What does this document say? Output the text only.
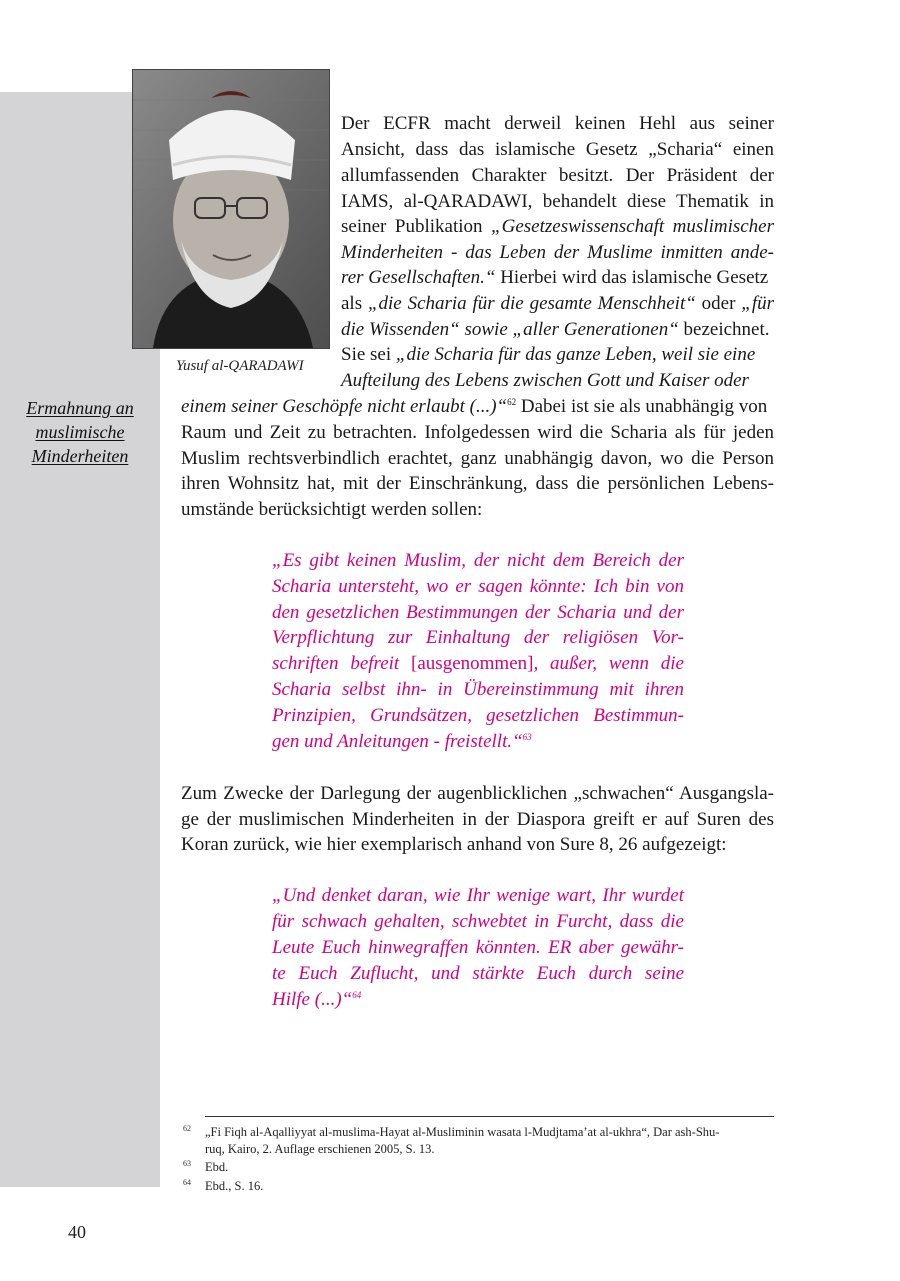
Yusuf al-QARADAWI
Ermahnung an
muslimische
Minderheiten
Der ECFR macht derweil keinen Hehl aus seiner
Ansicht, dass das islamische Gesetz „Scharia“ einen
allumfassenden Charakter besitzt. Der Präsident der
IAMS, al-QARADAWI, behandelt diese Thematik in
seiner Publikation „Gesetzeswissenschaft muslimischer
Minderheiten - das Leben der Muslime inmitten ande-
rer Gesellschaften.“ Hierbei wird das islamische Gesetz
als „die Scharia für die gesamte Menschheit“ oder „für
die Wissenden“ sowie „aller Generationen“ bezeichnet.
Sie sei „die Scharia für das ganze Leben, weil sie eine
Aufteilung des Lebens zwischen Gott und Kaiser oder
einem seiner Geschöpfe nicht erlaubt (...)“$^{62}$ Dabei ist sie als unabhängig von
Raum und Zeit zu betrachten. Infolgedessen wird die Scharia als für jeden
Muslim rechtsverbindlich erachtet, ganz unabhängig davon, wo die Person
ihren Wohnsitz hat, mit der Einschränkung, dass die persönlichen Lebens-
umstände berücksichtigt werden sollen:
„Es gibt keinen Muslim, der nicht dem Bereich der
Scharia untersteht, wo er sagen könnte: Ich bin von
den gesetzlichen Bestimmungen der Scharia und der
Verpflichtung zur Einhaltung der religiösen Vor-
schriften befreit [ausgenommen], außer, wenn die
Scharia selbst ihn- in Übereinstimmung mit ihren
Prinzipien, Grundsätzen, gesetzlichen Bestimmun-
gen und Anleitungen - freistellt.“$^{63}$
Zum Zwecke der Darlegung der augenblicklichen „schwachen“ Ausgangsla-
ge der muslimischen Minderheiten in der Diaspora greift er auf Suren des
Koran zurück, wie hier exemplarisch anhand von Sure 8, 26 aufgezeigt:
„Und denket daran, wie Ihr wenige wart, Ihr wurdet
für schwach gehalten, schwebtet in Furcht, dass die
Leute Euch hinwegraffen könnten. ER aber gewähr-
te Euch Zuflucht, und stärkte Euch durch seine
Hilfe (...)“$^{64}$
62 „Fi Fiqh al-Aqalliyyat al-muslima-Hayat al-Musliminin wasata l-Mudjtama’at al-ukhra“, Dar ash-Shu-
ruq, Kairo, 2. Auflage erschienen 2005, S. 13.
63 Ebd.
64 Ebd., S. 16.
40
